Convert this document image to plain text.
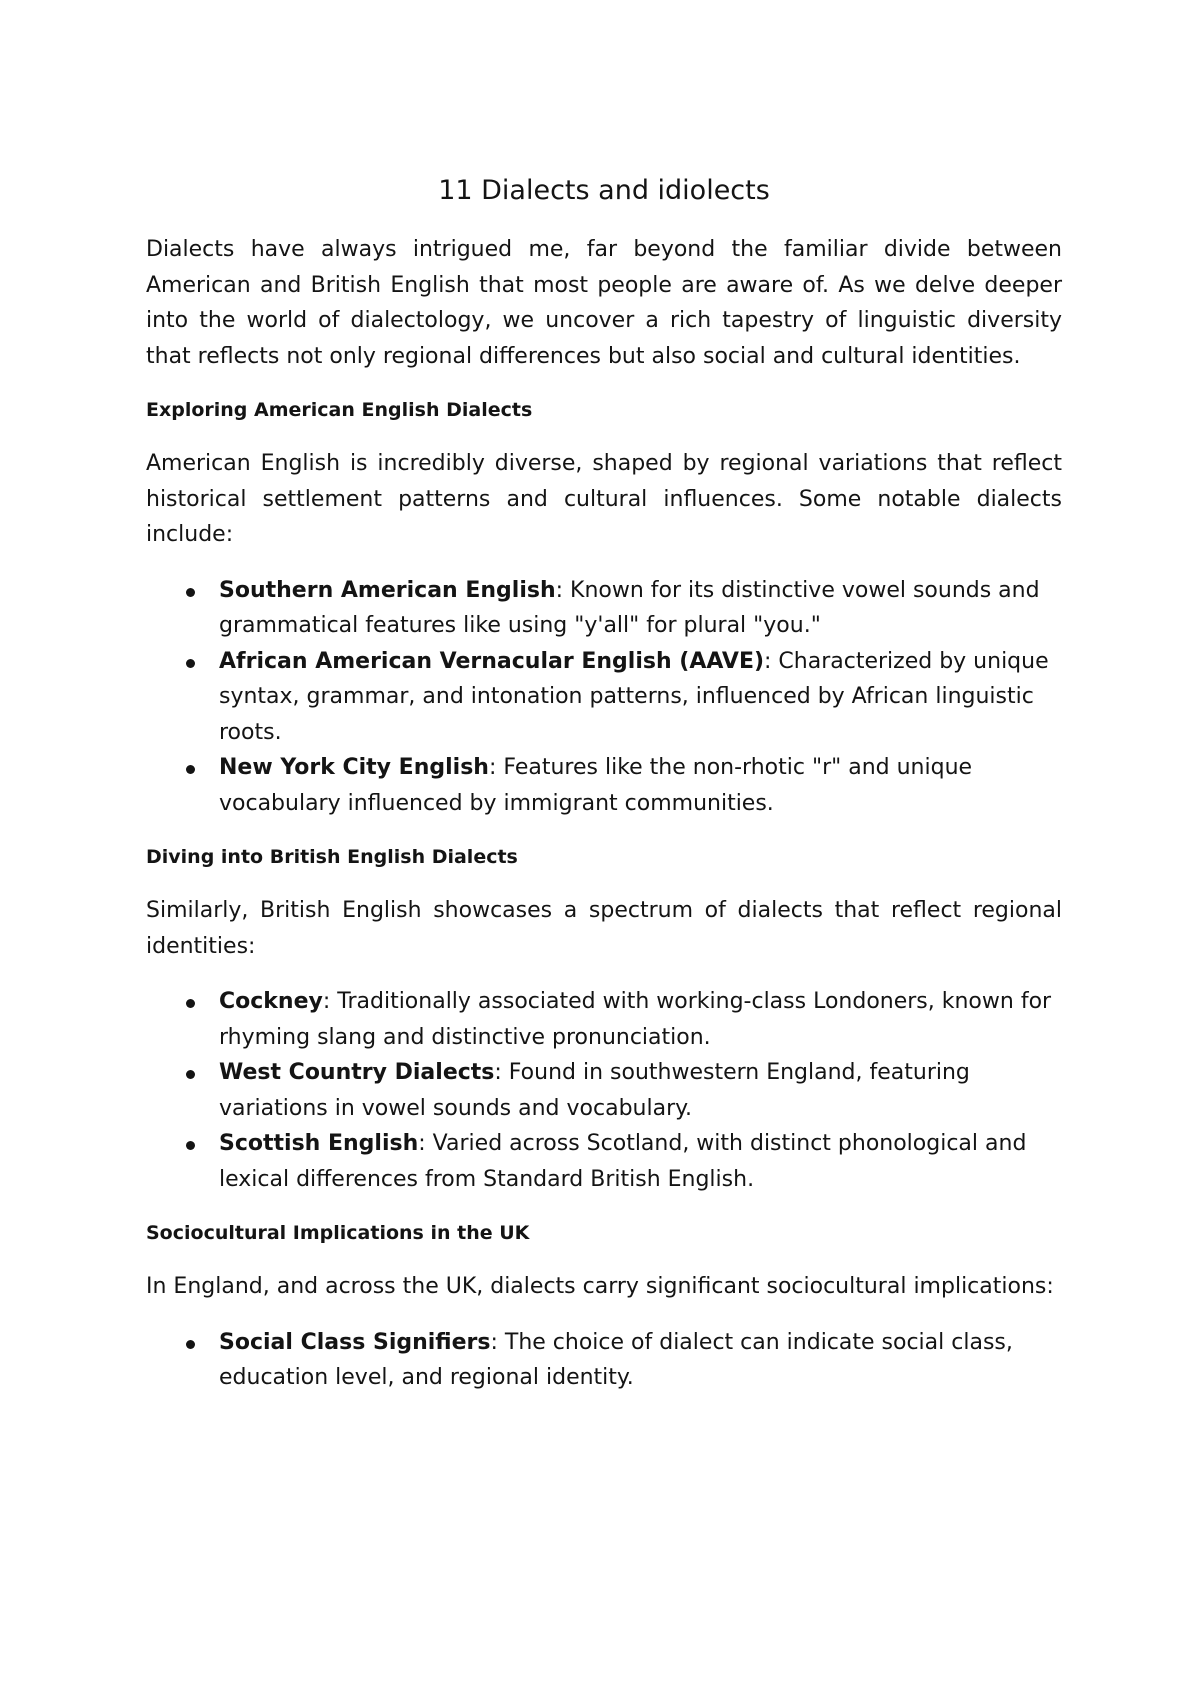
11 Dialects and idiolects

Dialects have always intrigued me, far beyond the familiar divide between American and British English that most people are aware of. As we delve deeper into the world of dialectology, we uncover a rich tapestry of linguistic diversity that reflects not only regional differences but also social and cultural identities.

Exploring American English Dialects

American English is incredibly diverse, shaped by regional variations that reflect historical settlement patterns and cultural influences. Some notable dialects include:

Southern American English: Known for its distinctive vowel sounds and grammatical features like using "y'all" for plural "you."
African American Vernacular English (AAVE): Characterized by unique syntax, grammar, and intonation patterns, influenced by African linguistic roots.
New York City English: Features like the non-rhotic "r" and unique vocabulary influenced by immigrant communities.
Diving into British English Dialects

Similarly, British English showcases a spectrum of dialects that reflect regional identities:

Cockney: Traditionally associated with working-class Londoners, known for rhyming slang and distinctive pronunciation.
West Country Dialects: Found in southwestern England, featuring variations in vowel sounds and vocabulary.
Scottish English: Varied across Scotland, with distinct phonological and lexical differences from Standard British English.
Sociocultural Implications in the UK

In England, and across the UK, dialects carry significant sociocultural implications:

Social Class Signifiers: The choice of dialect can indicate social class, education level, and regional identity.
